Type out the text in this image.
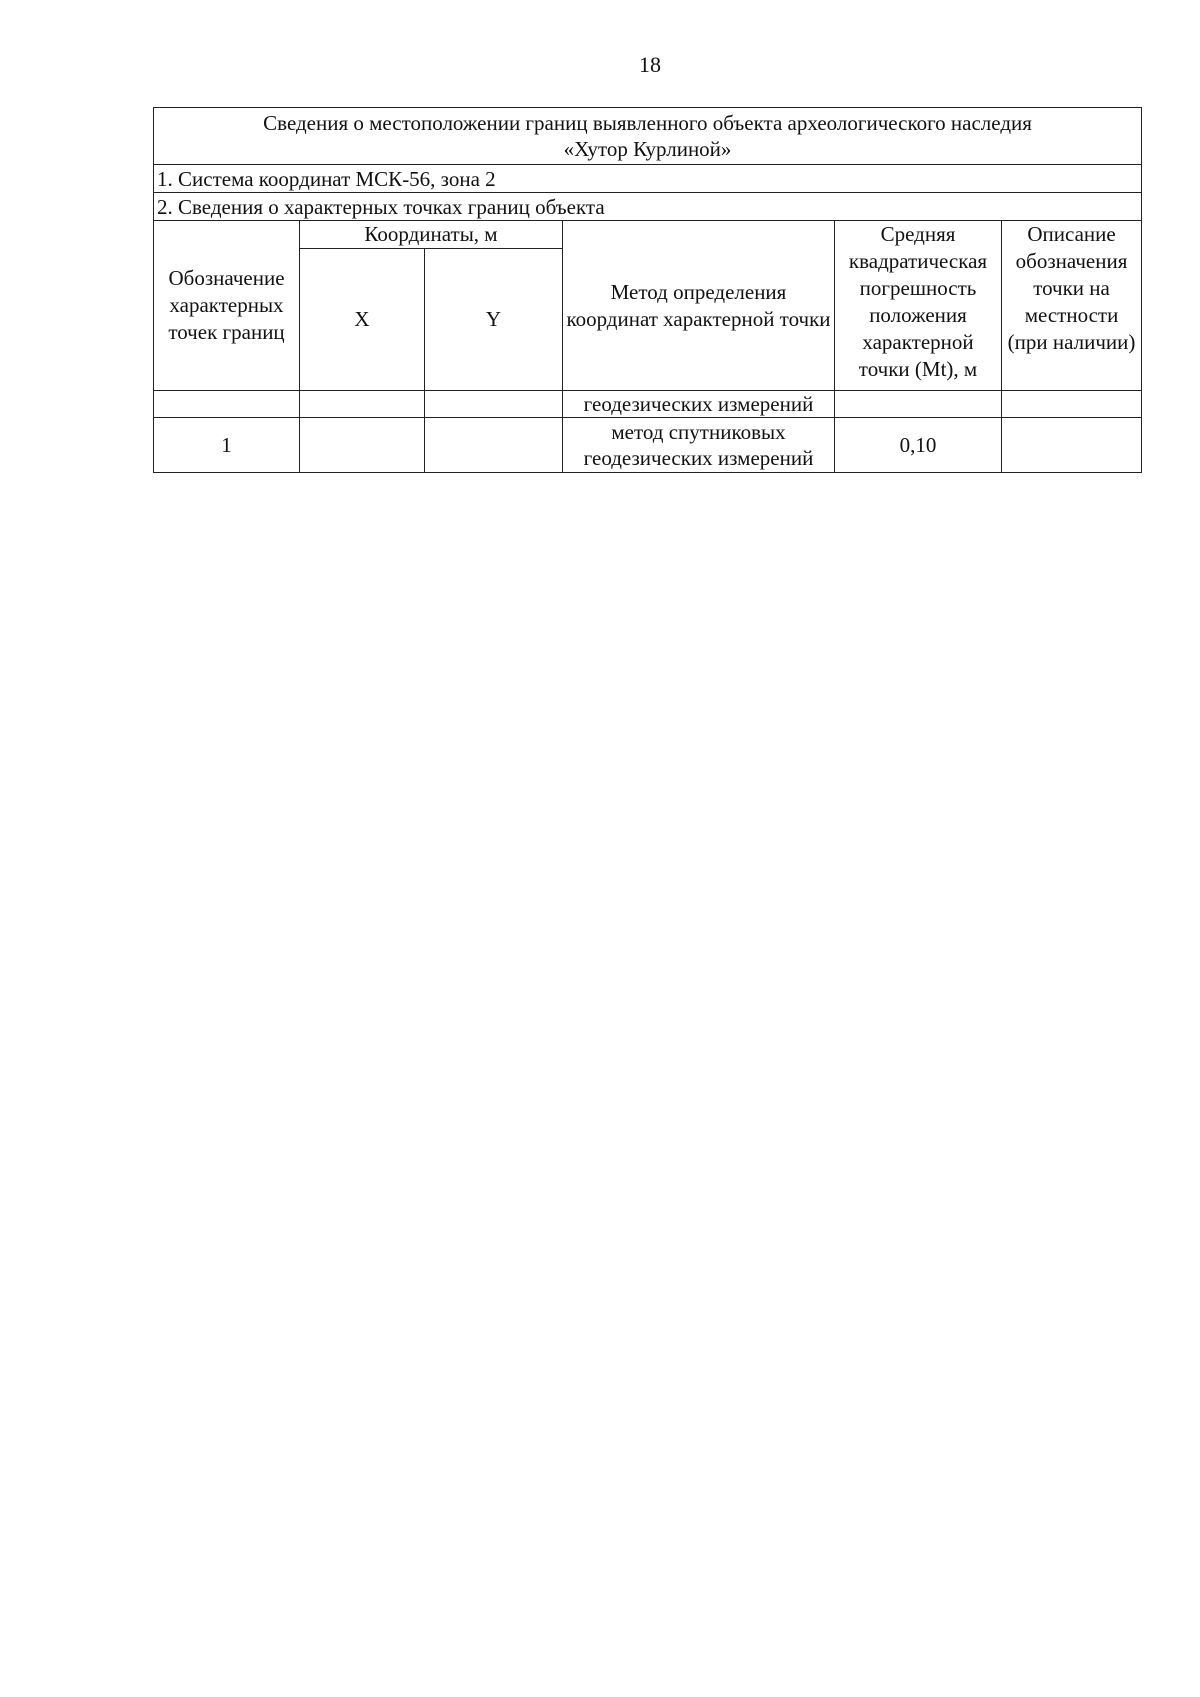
18
Сведения о местоположении границ выявленного объекта археологического наследия
«Хутор Курлиной»					

1. Система координат МСК-56, зона 2					
2. Сведения о характерных точках границ объекта					
Обозначение характерных точек границ	Координаты, м		Метод определения координат характерной точки	Средняя квадратическая погрешность положения характерной точки (Mt), м	Описание обозначения точки на местности (при наличии)
	X	Y			
			геодезических измерений		
1			метод спутниковых геодезических измерений	0,10	
